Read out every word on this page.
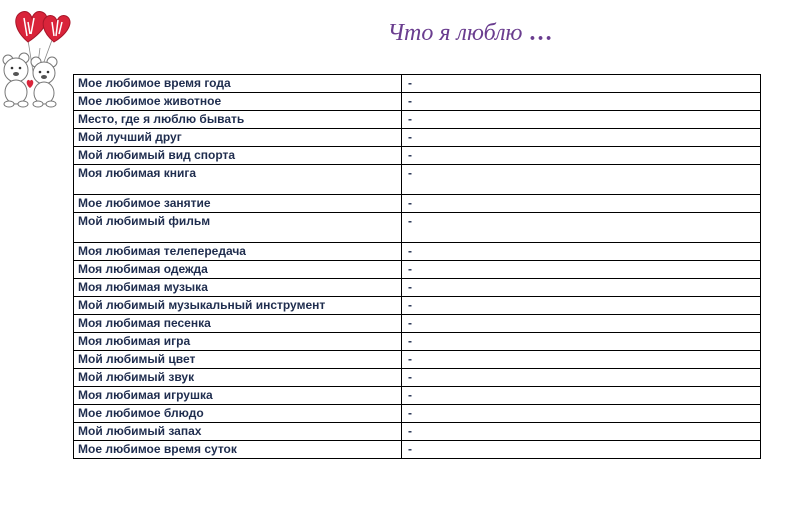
Что я люблю …
Мое любимое время года	-
Мое любимое животное	-
Место, где я люблю бывать	-
Мой лучший друг	-
Мой любимый вид спорта	-
Моя любимая книга	-
Мое любимое занятие	-
Мой любимый фильм	-
Моя любимая телепередача	-
Моя любимая одежда	-
Моя любимая музыка	-
Мой любимый музыкальный инструмент	-
Моя любимая песенка	-
Моя любимая игра	-
Мой любимый цвет	-
Мой любимый звук	-
Моя любимая игрушка	-
Мое любимое блюдо	-
Мой любимый запах	-
Мое любимое время суток	-
